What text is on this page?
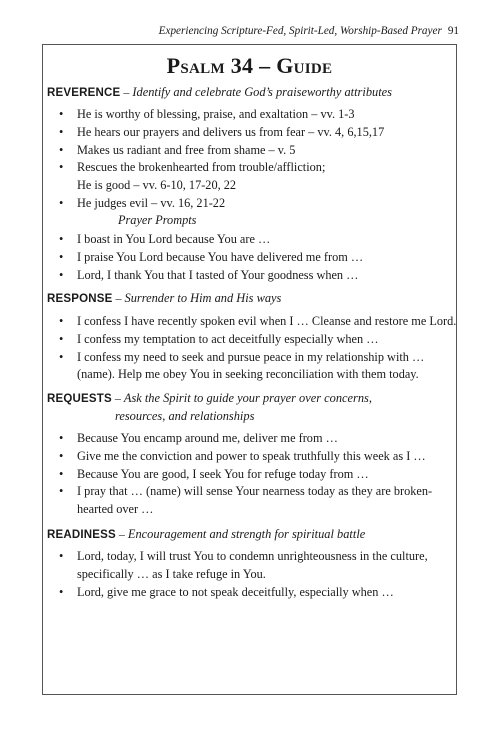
Experiencing Scripture-Fed, Spirit-Led, Worship-Based Prayer 91
Psalm 34 – Guide
REVERENCE – Identify and celebrate God’s praiseworthy attributes
• He is worthy of blessing, praise, and exaltation – vv. 1-3
• He hears our prayers and delivers us from fear – vv. 4, 6,15,17
• Makes us radiant and free from shame – v. 5
• Rescues the brokenhearted from trouble/affliction;
He is good – vv. 6-10, 17-20, 22
• He judges evil – vv. 16, 21-22
Prayer Prompts
• I boast in You Lord because You are …
• I praise You Lord because You have delivered me from …
• Lord, I thank You that I tasted of Your goodness when …
RESPONSE – Surrender to Him and His ways
• I confess I have recently spoken evil when I … Cleanse and restore me Lord.
• I confess my temptation to act deceitfully especially when …
• I confess my need to seek and pursue peace in my relationship with …
(name). Help me obey You in seeking reconciliation with them today.
REQUESTS – Ask the Spirit to guide your prayer over concerns,
resources, and relationships
• Because You encamp around me, deliver me from …
• Give me the conviction and power to speak truthfully this week as I …
• Because You are good, I seek You for refuge today from …
• I pray that … (name) will sense Your nearness today as they are broken-
hearted over …
READINESS – Encouragement and strength for spiritual battle
• Lord, today, I will trust You to condemn unrighteousness in the culture,
specifically … as I take refuge in You.
• Lord, give me grace to not speak deceitfully, especially when …
